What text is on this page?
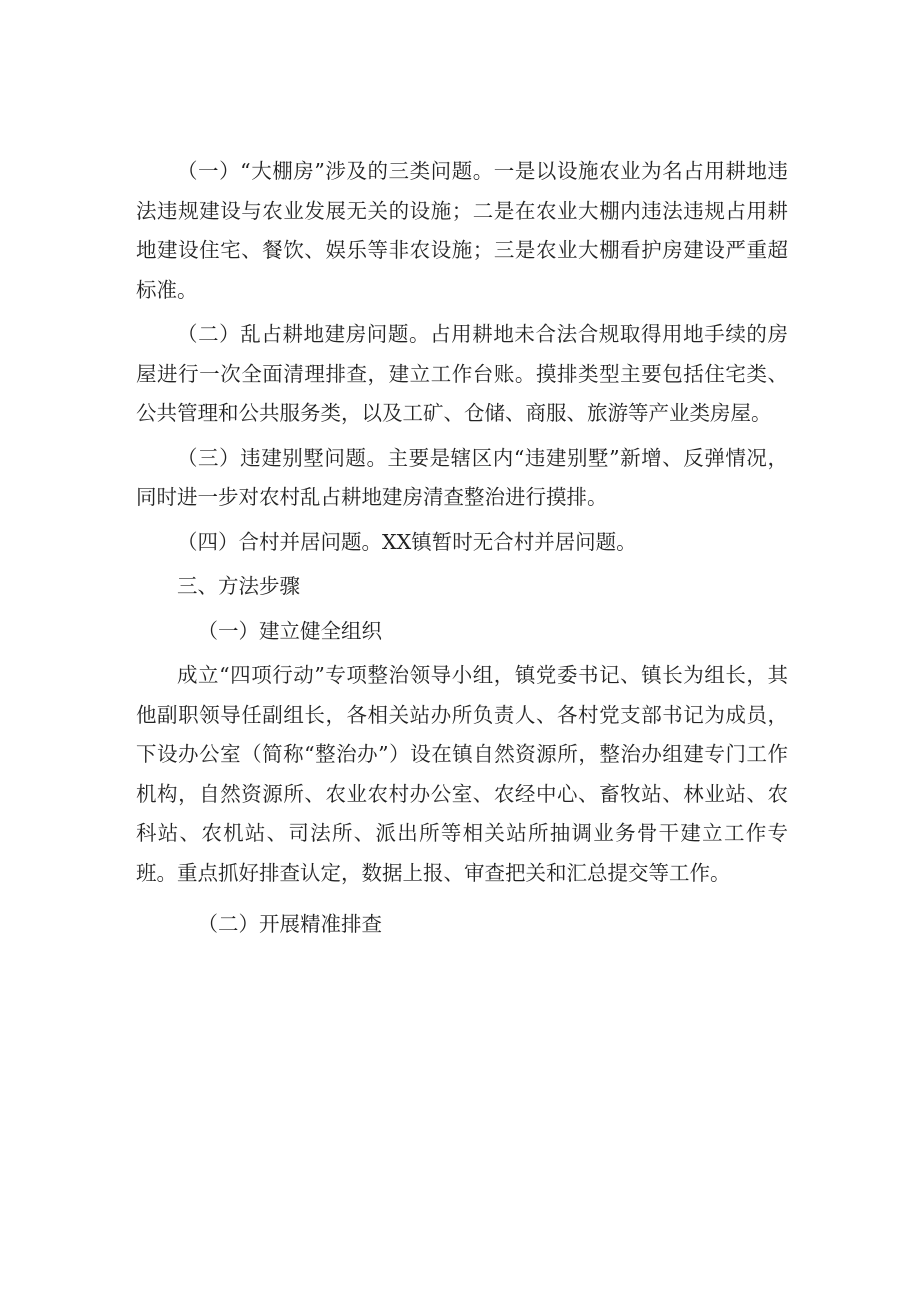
（一）“大棚房”涉及的三类问题。一是以设施农业为名占用耕地违法违规建设与农业发展无关的设施；二是在农业大棚内违法违规占用耕地建设住宅、餐饮、娱乐等非农设施；三是农业大棚看护房建设严重超标准。

（二）乱占耕地建房问题。占用耕地未合法合规取得用地手续的房屋进行一次全面清理排查，建立工作台账。摸排类型主要包括住宅类、公共管理和公共服务类，以及工矿、仓储、商服、旅游等产业类房屋。

（三）违建别墅问题。主要是辖区内“违建别墅”新增、反弹情况，同时进一步对农村乱占耕地建房清查整治进行摸排。

（四）合村并居问题。XX镇暂时无合村并居问题。

三、方法步骤

（一）建立健全组织

成立“四项行动”专项整治领导小组，镇党委书记、镇长为组长，其他副职领导任副组长，各相关站办所负责人、各村党支部书记为成员，下设办公室（简称“整治办”）设在镇自然资源所，整治办组建专门工作机构，自然资源所、农业农村办公室、农经中心、畜牧站、林业站、农科站、农机站、司法所、派出所等相关站所抽调业务骨干建立工作专班。重点抓好排查认定，数据上报、审查把关和汇总提交等工作。

（二）开展精准排查
